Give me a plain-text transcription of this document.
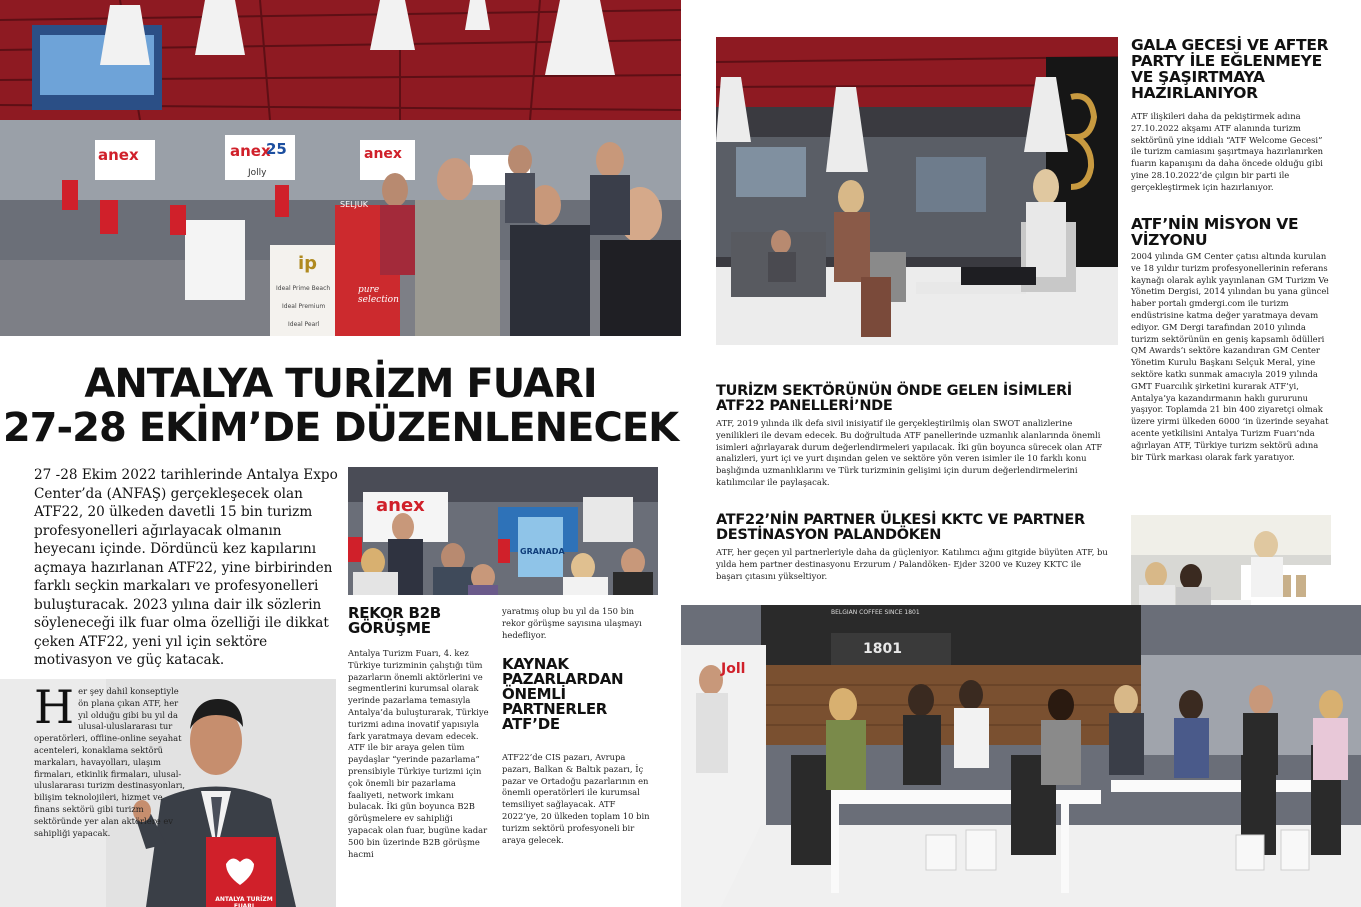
anex	anex
25	anex
Jolly
SELJUK
ip
Ideal Prime Beach
Ideal Premium
Ideal Pearl
pure selection
ANTALYA TURİZM FUARI
27-28 EKİM’DE DÜZENLENECEK
27 -28 Ekim 2022 tarihlerinde Antalya Expo Center’da (ANFAŞ) gerçekleşecek olan ATF22, 20 ülkeden davetli 15 bin turizm profesyonelleri ağırlayacak olmanın heyecanı içinde. Dördüncü kez kapılarını açmaya hazırlanan ATF22, yine birbirinden farklı seçkin markaları ve profesyonelleri buluşturacak. 2023 yılına dair ilk sözlerin söyleneceği ilk fuar olma özelliği ile dikkat çeken ATF22, yeni yıl için sektöre motivasyon ve güç katacak.
anex
GRANADA
REKOR B2B GÖRÜŞME
Antalya Turizm Fuarı, 4. kez Türkiye turizminin çalıştığı tüm pazarların önemli aktörlerini ve segmentlerini kurumsal olarak yerinde pazarlama temasıyla Antalya’da buluşturarak, Türkiye turizmi adına inovatif yapısıyla fark yaratmaya devam edecek. ATF ile bir araya gelen tüm paydaşlar “yerinde pazarlama” prensibiyle Türkiye turizmi için çok önemli bir pazarlama faaliyeti, network imkanı bulacak. İki gün boyunca B2B görüşmelere ev sahipliği yapacak olan fuar, bugüne kadar 500 bin üzerinde B2B görüşme hacmi
yaratmış olup bu yıl da 150 bin rekor görüşme sayısına ulaşmayı hedefliyor.
KAYNAK PAZARLARDAN ÖNEMLİ PARTNERLER ATF’DE
ATF22’de CIS pazarı, Avrupa pazarı, Balkan & Baltık pazarı, İç pazar ve Ortadoğu pazarlarının en önemli operatörleri ile kurumsal temsiliyet sağlayacak. ATF 2022’ye, 20 ülkeden toplam 10 bin turizm sektörü profesyoneli bir araya gelecek.
ANTALYA TURİZM FUARI
Her şey dahil konseptiyle ön plana çıkan ATF, her yıl olduğu gibi bu yıl da ulusal-uluslararası tur operatörleri, offline-online seyahat acenteleri, konaklama sektörü markaları, havayolları, ulaşım firmaları, etkinlik firmaları, ulusal-uluslararası turizm destinasyonları, bilişim teknolojileri, hizmet ve finans sektörü gibi turizm sektöründe yer alan aktörlere ev sahipliği yapacak.
GALA GECESİ VE AFTER PARTY İLE EĞLENMEYE VE ŞAŞIRTMAYA HAZIRLANIYOR
ATF ilişkileri daha da pekiştirmek adına 27.10.2022 akşamı ATF alanında turizm sektörünü yine iddialı “ATF Welcome Gecesi” ile turizm camiasını şaşırtmaya hazırlanırken fuarın kapanışını da daha öncede olduğu gibi yine 28.10.2022’de çılgın bir parti ile gerçekleştirmek için hazırlanıyor.
ATF’NİN MİSYON VE VİZYONU
2004 yılında GM Center çatısı altında kurulan ve 18 yıldır turizm profesyonellerinin referans kaynağı olarak aylık yayınlanan GM Turizm Ve Yönetim Dergisi, 2014 yılından bu yana güncel haber portalı gmdergi.com ile turizm endüstrisine katma değer yaratmaya devam ediyor. GM Dergi tarafından 2010 yılında turizm sektörünün en geniş kapsamlı ödülleri QM Awards’ı sektöre kazandıran GM Center Yönetim Kurulu Başkanı Selçuk Meral, yine sektöre katkı sunmak amacıyla 2019 yılında GMT Fuarcılık şirketini kurarak ATF’yi, Antalya’ya kazandırmanın haklı gururunu yaşıyor. Toplamda 21 bin 400 ziyaretçi olmak üzere yirmi ülkeden 6000 ‘in üzerinde seyahat acente yetkilisini Antalya Turizm Fuarı’nda ağırlayan ATF, Türkiye turizm sektörü adına bir Türk markası olarak fark yaratıyor.
TURİZM SEKTÖRÜNÜN ÖNDE GELEN İSİMLERİ ATF22 PANELLERİ’NDE
ATF, 2019 yılında ilk defa sivil inisiyatif ile gerçekleştirilmiş olan SWOT analizlerine yenilikleri ile devam edecek. Bu doğrultuda ATF panellerinde uzmanlık alanlarında önemli isimleri ağırlayarak durum değerlendirmeleri yapılacak. İki gün boyunca sürecek olan ATF analizleri, yurt içi ve yurt dışından gelen ve sektöre yön veren isimler ile 10 farklı konu başlığında uzmanlıklarını ve Türk turizminin gelişimi için durum değerlendirmelerini katılımcılar ile paylaşacak.
ATF22’NİN PARTNER ÜLKESİ KKTC VE PARTNER DESTİNASYON PALANDÖKEN
ATF, her geçen yıl partnerleriyle daha da güçleniyor. Katılımcı ağını gitgide büyüten ATF, bu yılda hem partner destinasyonu Erzurum / Palandöken- Ejder 3200 ve Kuzey KKTC ile başarı çıtasını yükseltiyor.
BELGIAN COFFEE SINCE 1801
1801
Joll
